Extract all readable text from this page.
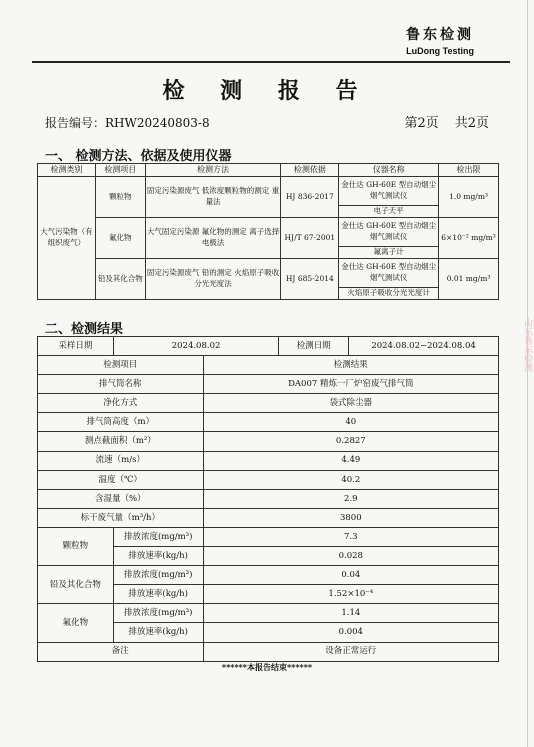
鲁东检测
LuDong Testing
检 测 报 告
报告编号：RHW20240803-8	第2页 共2页
一、 检测方法、依据及使用仪器
检测类别	检测项目	检测方法	检测依据	仪器名称	检出限
大气污染物（有组织废气）	颗粒物	固定污染源废气 低浓度颗粒物的测定 重量法	HJ 836-2017	金仕达 GH-60E 型自动烟尘烟气测试仪	1.0 mg/m³
				电子天平	
	氟化物	大气固定污染源 氟化物的测定 离子选择电极法	HJ/T 67-2001	金仕达 GH-60E 型自动烟尘烟气测试仪	6×10⁻² mg/m³
				氟离子计	
	铅及其化合物	固定污染源废气 铅的测定 火焰原子吸收分光光度法	HJ 685-2014	金仕达 GH-60E 型自动烟尘烟气测试仪	0.01 mg/m³
				火焰原子吸收分光光度计	
二、检测结果
采样日期	2024.08.02		检测日期	2024.08.02~2024.08.04
检测项目		检测结果		
排气筒名称		DA007 精炼一厂炉窑废气排气筒		
净化方式		袋式除尘器		
排气筒高度（m）		40		
测点截面积（m²）		0.2827		
流速（m/s）		4.49		
温度（℃）		40.2		
含湿量（%）		2.9		
标干废气量（m³/h）		3800		
颗粒物	排放浓度(mg/m³)	7.3		
	排放速率(kg/h)	0.028		
铅及其化合物	排放浓度(mg/m³)	0.04		
	排放速率(kg/h)	1.52×10⁻⁴		
氟化物	排放浓度(mg/m³)	1.14		
	排放速率(kg/h)	0.004		
备注		设备正常运行		
******本报告结束******
山东鲁东检测
